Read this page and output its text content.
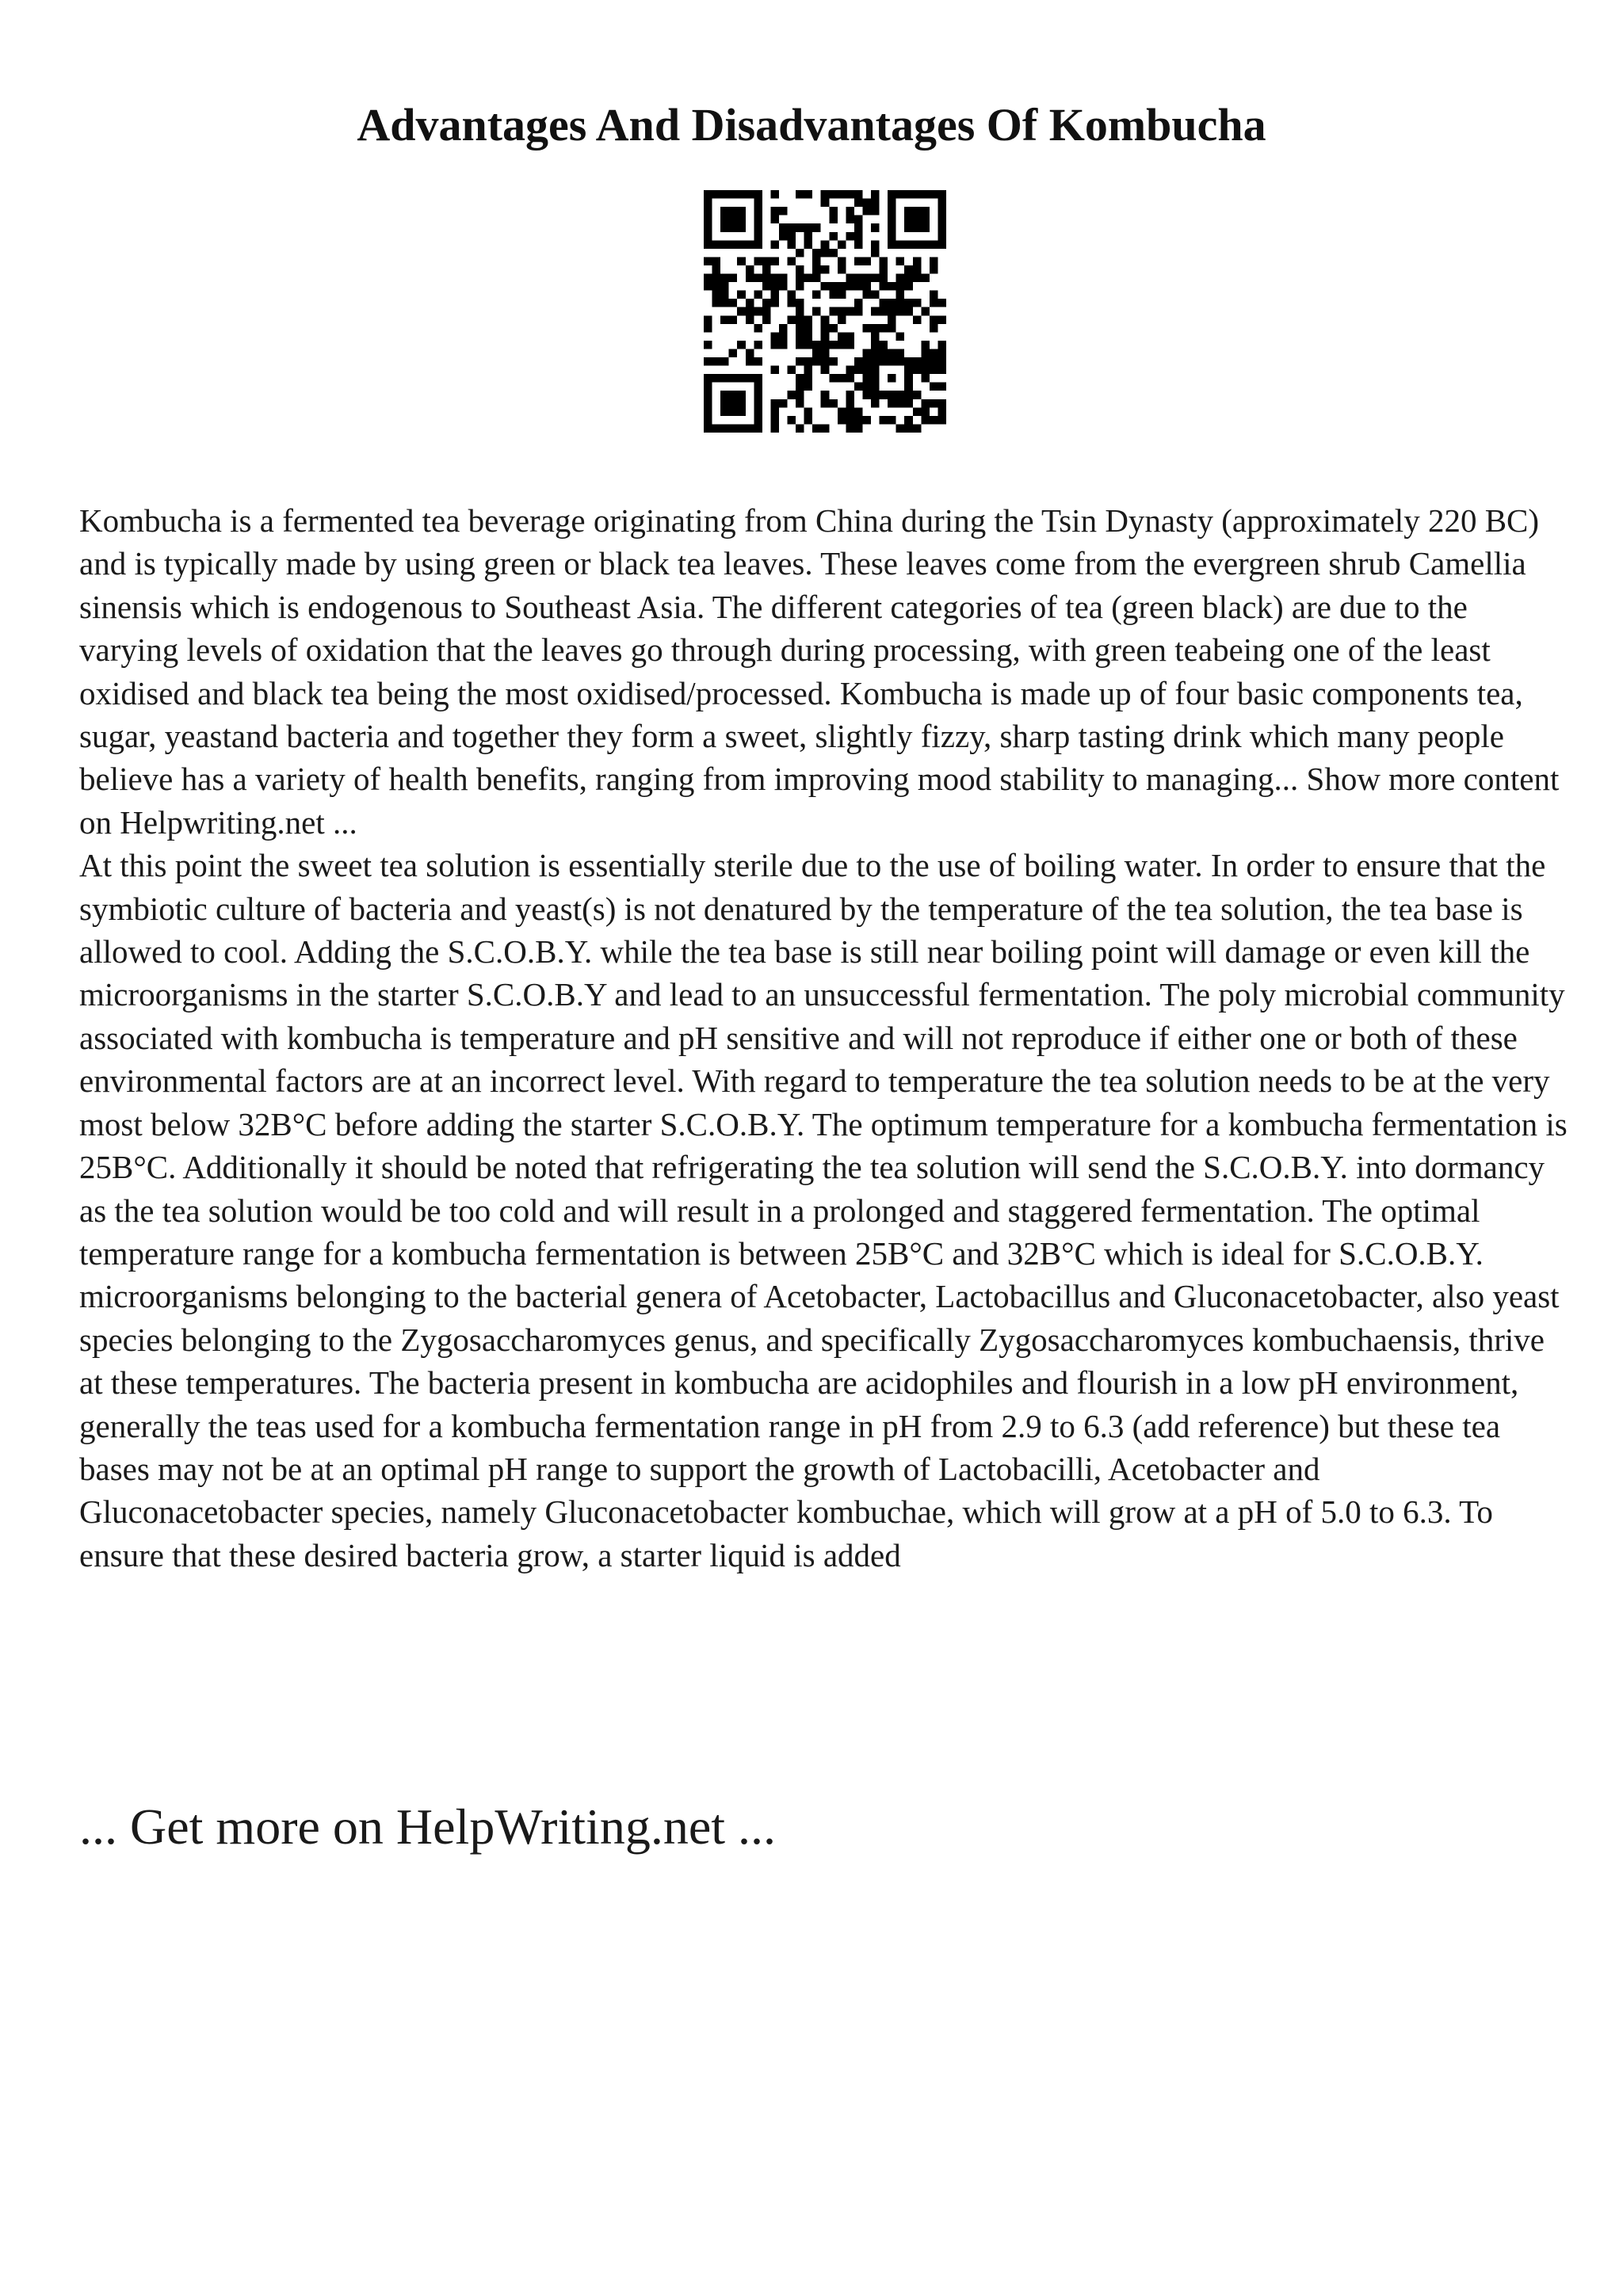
Advantages And Disadvantages Of Kombucha

Kombucha is a fermented tea beverage originating from China during the Tsin Dynasty (approximately 220 BC) and is typically made by using green or black tea leaves. These leaves come from the evergreen shrub Camellia sinensis which is endogenous to Southeast Asia. The different categories of tea (green black) are due to the varying levels of oxidation that the leaves go through during processing, with green teabeing one of the least oxidised and black tea being the most oxidised/processed. Kombucha is made up of four basic components tea, sugar, yeastand bacteria and together they form a sweet, slightly fizzy, sharp tasting drink which many people believe has a variety of health benefits, ranging from improving mood stability to managing... Show more content on Helpwriting.net ...

At this point the sweet tea solution is essentially sterile due to the use of boiling water. In order to ensure that the symbiotic culture of bacteria and yeast(s) is not denatured by the temperature of the tea solution, the tea base is allowed to cool. Adding the S.C.O.B.Y. while the tea base is still near boiling point will damage or even kill the microorganisms in the starter S.C.O.B.Y and lead to an unsuccessful fermentation. The poly microbial community associated with kombucha is temperature and pH sensitive and will not reproduce if either one or both of these environmental factors are at an incorrect level. With regard to temperature the tea solution needs to be at the very most below 32B°C before adding the starter S.C.O.B.Y. The optimum temperature for a kombucha fermentation is 25B°C. Additionally it should be noted that refrigerating the tea solution will send the S.C.O.B.Y. into dormancy as the tea solution would be too cold and will result in a prolonged and staggered fermentation. The optimal temperature range for a kombucha fermentation is between 25B°C and 32B°C which is ideal for S.C.O.B.Y. microorganisms belonging to the bacterial genera of Acetobacter, Lactobacillus and Gluconacetobacter, also yeast species belonging to the Zygosaccharomyces genus, and specifically Zygosaccharomyces kombuchaensis, thrive at these temperatures. The bacteria present in kombucha are acidophiles and flourish in a low pH environment, generally the teas used for a kombucha fermentation range in pH from 2.9 to 6.3 (add reference) but these tea bases may not be at an optimal pH range to support the growth of Lactobacilli, Acetobacter and Gluconacetobacter species, namely Gluconacetobacter kombuchae, which will grow at a pH of 5.0 to 6.3. To ensure that these desired bacteria grow, a starter liquid is added

... Get more on HelpWriting.net ...
